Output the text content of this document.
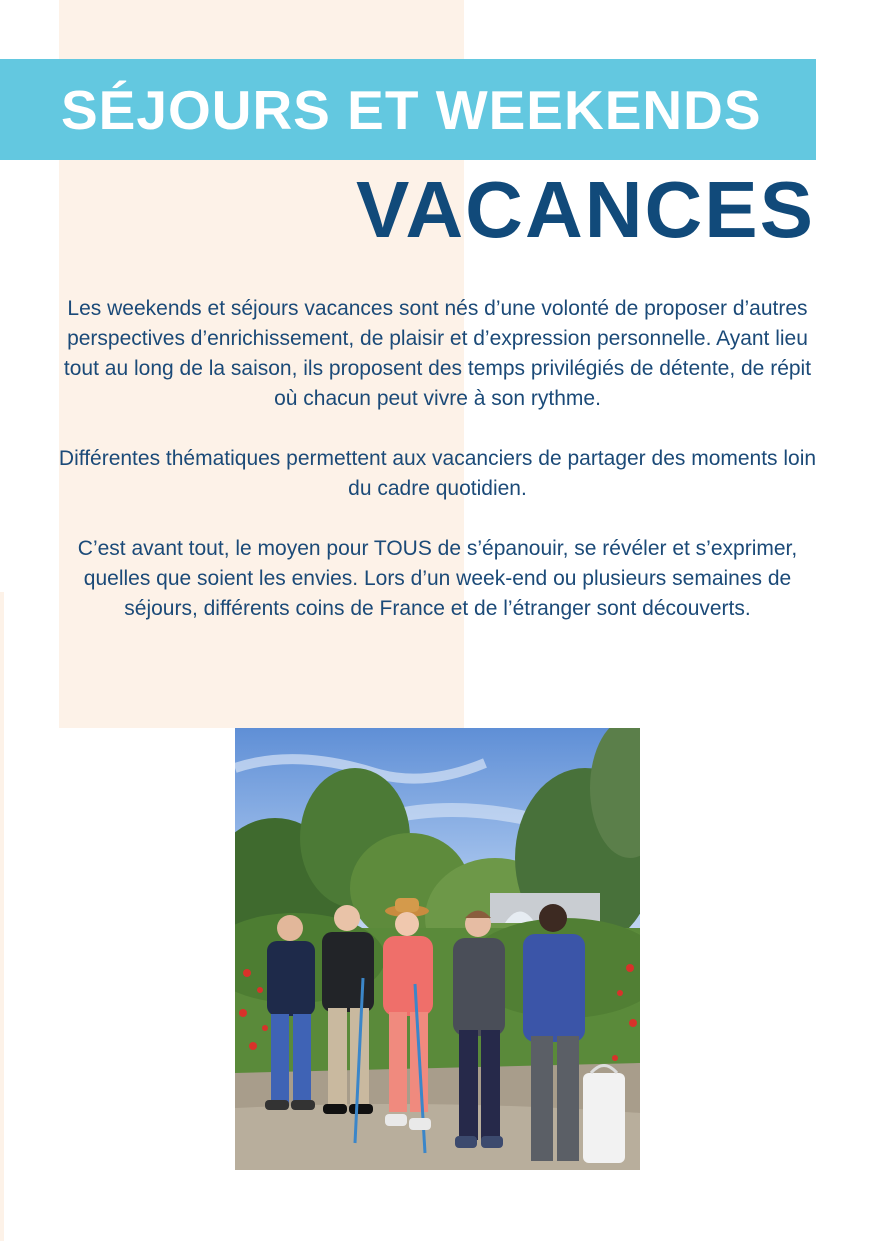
SÉJOURS ET WEEKENDS
VACANCES

Les weekends et séjours vacances sont nés d’une volonté de proposer d’autres perspectives d’enrichissement, de plaisir et d’expression personnelle. Ayant lieu tout au long de la saison, ils proposent des temps privilégiés de détente, de répit où chacun peut vivre à son rythme.

Différentes thématiques permettent aux vacanciers de partager des moments loin du cadre quotidien.

C’est avant tout, le moyen pour TOUS de s’épanouir, se révéler et s’exprimer, quelles que soient les envies. Lors d’un week-end ou plusieurs semaines de séjours, différents coins de France et de l’étranger sont découverts.
